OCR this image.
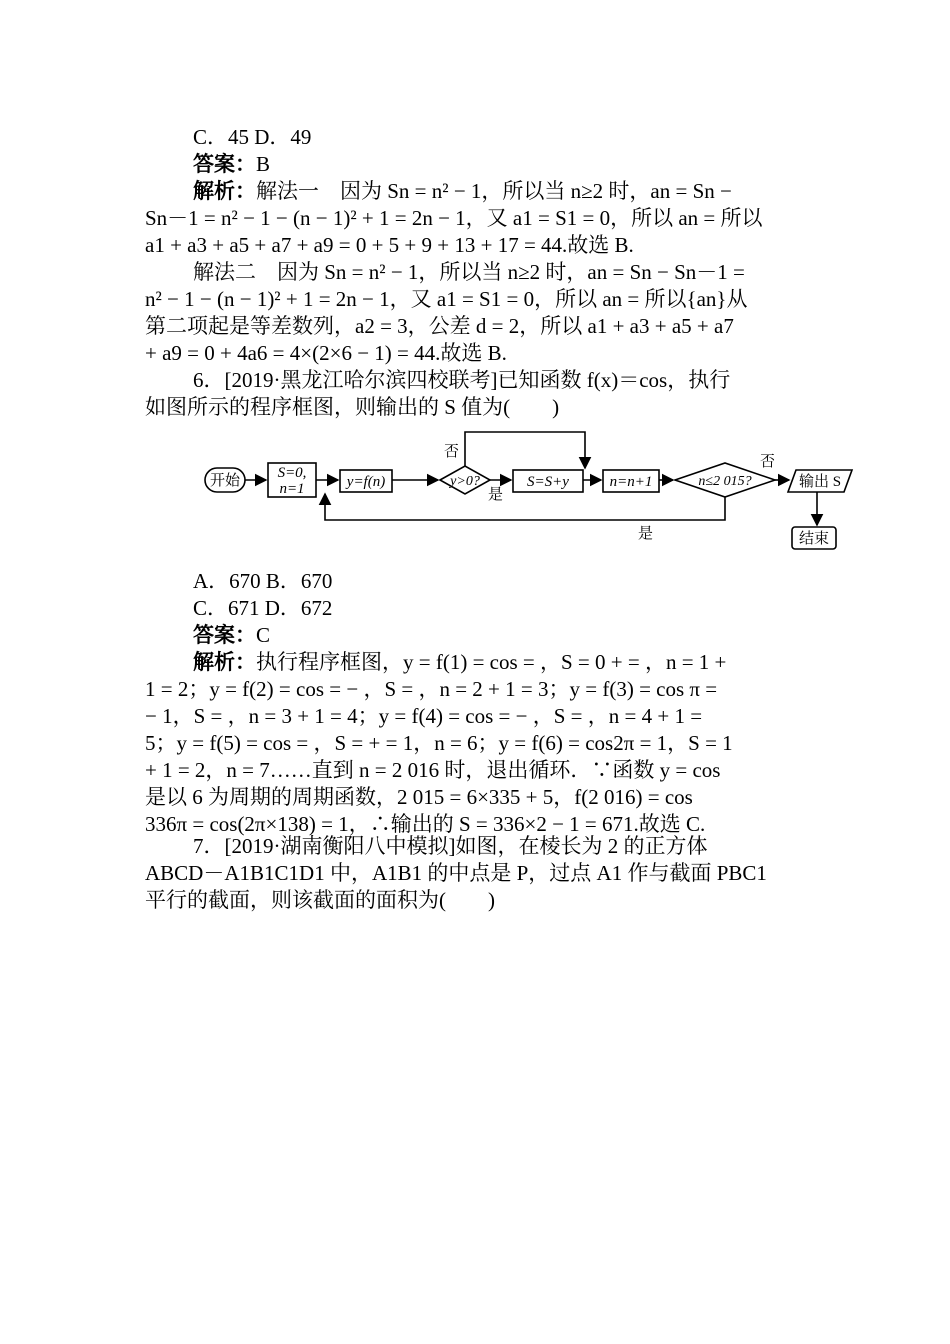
C．45 D．49
答案：B
解析：解法一　因为 Sn = n² − 1，所以当 n≥2 时，an = Sn −
Sn－1 = n² − 1 − (n − 1)² + 1 = 2n − 1，又 a1 = S1 = 0，所以 an = 所以
a1 + a3 + a5 + a7 + a9 = 0 + 5 + 9 + 13 + 17 = 44.故选 B.
解法二　因为 Sn = n² − 1，所以当 n≥2 时，an = Sn − Sn－1 =
n² − 1 − (n − 1)² + 1 = 2n − 1，又 a1 = S1 = 0，所以 an = 所以{an}从
第二项起是等差数列，a2 = 3，公差 d = 2，所以 a1 + a3 + a5 + a7
+ a9 = 0 + 4a6 = 4×(2×6 − 1) = 44.故选 B.
6．[2019·黑龙江哈尔滨四校联考]已知函数 f(x)＝cos，执行
如图所示的程序框图，则输出的 S 值为(　　)
开始	S=0,
n=1	y=f(n)	y>0?	S=S+y	n=n+1	n≤2 015?	输出 S
结束
否
是
否
是
A．670 B．670
C．671 D．672
答案：C
解析：执行程序框图，y = f(1) = cos = ，S = 0 + = ，n = 1 +
1 = 2；y = f(2) = cos = − ，S = ，n = 2 + 1 = 3；y = f(3) = cos π =
− 1，S = ，n = 3 + 1 = 4；y = f(4) = cos = − ，S = ，n = 4 + 1 =
5；y = f(5) = cos = ，S = + = 1，n = 6；y = f(6) = cos2π = 1，S = 1
+ 1 = 2，n = 7……直到 n = 2 016 时，退出循环．∵函数 y = cos
是以 6 为周期的周期函数，2 015 = 6×335 + 5，f(2 016) = cos
336π = cos(2π×138) = 1，∴输出的 S = 336×2 − 1 = 671.故选 C.
7．[2019·湖南衡阳八中模拟]如图，在棱长为 2 的正方体
ABCD－A1B1C1D1 中，A1B1 的中点是 P，过点 A1 作与截面 PBC1
平行的截面，则该截面的面积为(　　)
